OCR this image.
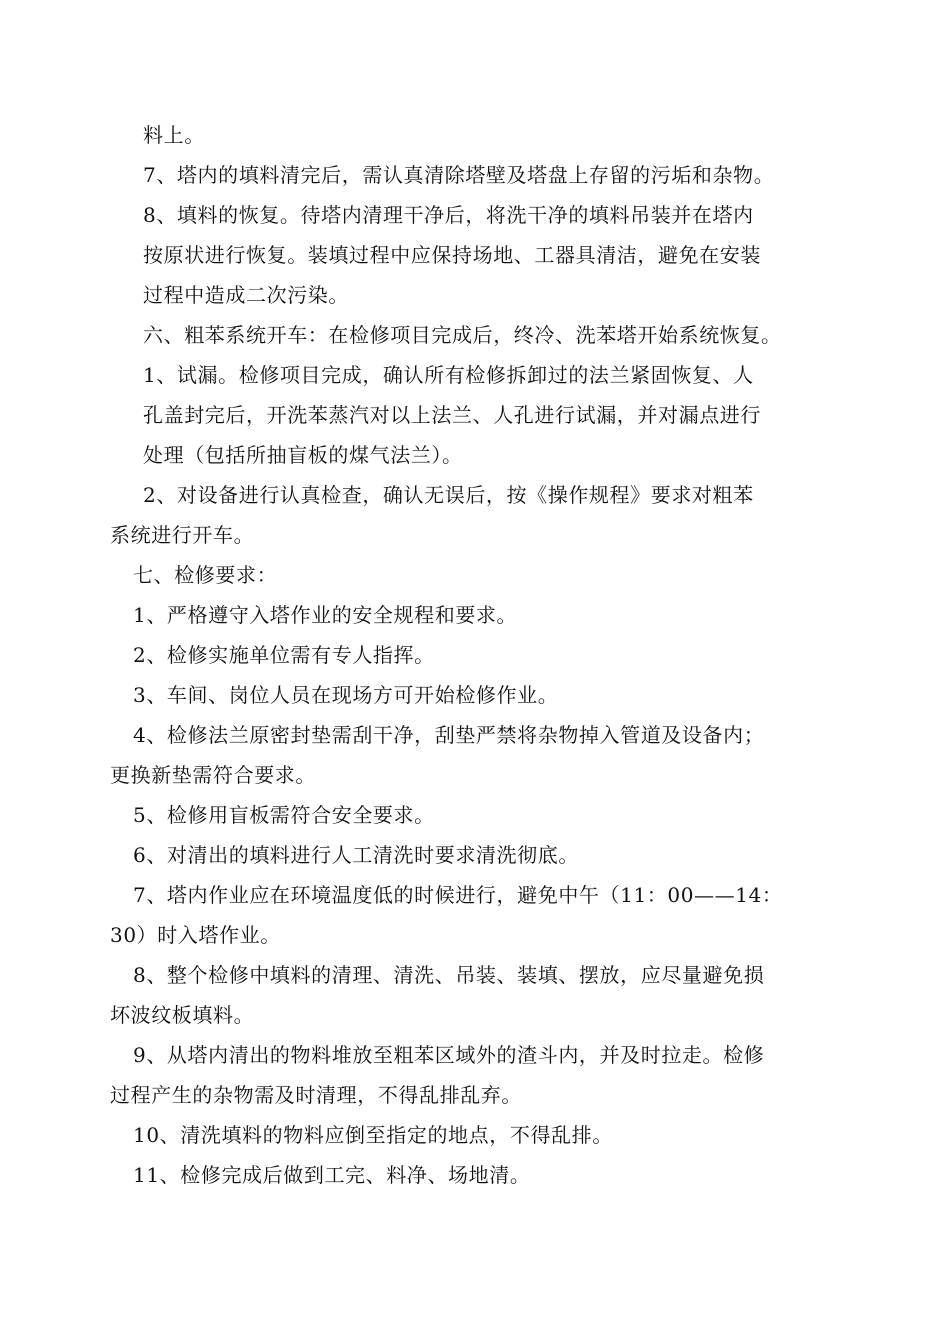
料上。

7、塔内的填料清完后，需认真清除塔壁及塔盘上存留的污垢和杂物。

8、填料的恢复。待塔内清理干净后，将洗干净的填料吊装并在塔内

按原状进行恢复。装填过程中应保持场地、工器具清洁，避免在安装

过程中造成二次污染。

六、粗苯系统开车：在检修项目完成后，终冷、洗苯塔开始系统恢复。

1、试漏。检修项目完成，确认所有检修拆卸过的法兰紧固恢复、人

孔盖封完后，开洗苯蒸汽对以上法兰、人孔进行试漏，并对漏点进行

处理（包括所抽盲板的煤气法兰）。

2、对设备进行认真检查，确认无误后，按《操作规程》要求对粗苯

系统进行开车。

七、检修要求：

1、严格遵守入塔作业的安全规程和要求。

2、检修实施单位需有专人指挥。

3、车间、岗位人员在现场方可开始检修作业。

4、检修法兰原密封垫需刮干净，刮垫严禁将杂物掉入管道及设备内；

更换新垫需符合要求。

5、检修用盲板需符合安全要求。

6、对清出的填料进行人工清洗时要求清洗彻底。

7、塔内作业应在环境温度低的时候进行，避免中午（11：00——14：

30）时入塔作业。

8、整个检修中填料的清理、清洗、吊装、装填、摆放，应尽量避免损

坏波纹板填料。

9、从塔内清出的物料堆放至粗苯区域外的渣斗内，并及时拉走。检修

过程产生的杂物需及时清理，不得乱排乱弃。

10、清洗填料的物料应倒至指定的地点，不得乱排。

11、检修完成后做到工完、料净、场地清。
